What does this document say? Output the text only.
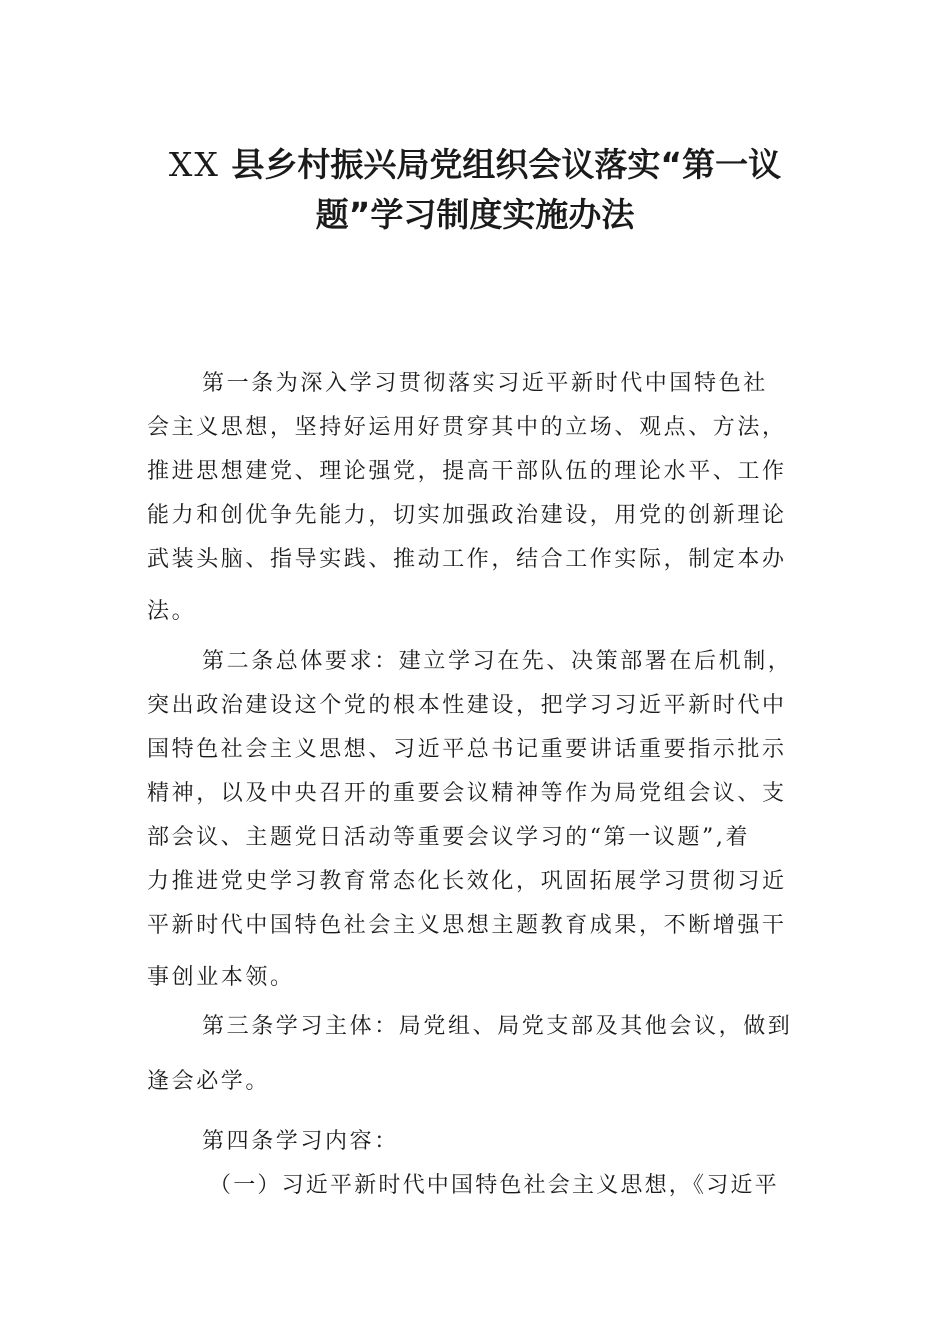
XX 县乡村振兴局党组织会议落实“第一议
题”学习制度实施办法
第一条为深入学习贯彻落实习近平新时代中国特色社
会主义思想，坚持好运用好贯穿其中的立场、观点、方法，
推进思想建党、理论强党，提高干部队伍的理论水平、工作
能力和创优争先能力，切实加强政治建设，用党的创新理论
武装头脑、指导实践、推动工作，结合工作实际，制定本办
法。
第二条总体要求：建立学习在先、决策部署在后机制，
突出政治建设这个党的根本性建设，把学习习近平新时代中
国特色社会主义思想、习近平总书记重要讲话重要指示批示
精神，以及中央召开的重要会议精神等作为局党组会议、支
部会议、主题党日活动等重要会议学习的“第一议题”,着
力推进党史学习教育常态化长效化，巩固拓展学习贯彻习近
平新时代中国特色社会主义思想主题教育成果，不断增强干
事创业本领。
第三条学习主体：局党组、局党支部及其他会议，做到
逢会必学。
第四条学习内容：
（一）习近平新时代中国特色社会主义思想，《习近平
